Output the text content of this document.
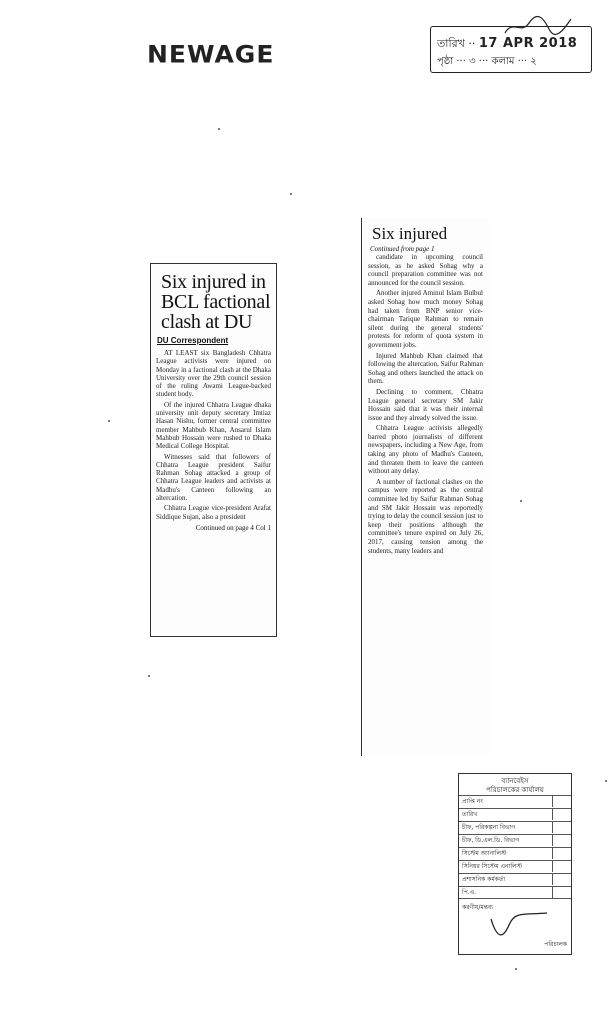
NEWAGE	তারিখ ·· 17 APR 2018
পৃষ্ঠা ··· ৩ ··· কলাম ··· ২
Six injured in BCL factional clash at DU
DU Correspondent

AT LEAST six Bangladesh Chhatra League activists were injured on Monday in a factional clash at the Dhaka University over the 29th council session of the ruling Awami League-backed student body.

Of the injured Chhatra League dhaka university unit deputy secretary Imtiaz Hasan Nishu, former central committee member Mahbub Khan, Ansarul Islam Mahbub Hossain were rushed to Dhaka Medical College Hospital.

Witnesses said that followers of Chhatra League president Saifur Rahman Sohag attacked a group of Chhatra League leaders and activists at Madhu's Canteen following an altercation.

Chhatra League vice-president Arafat Siddique Sujan, also a president

Continued on page 4 Col 1
Six injured
Continued from page 1

candidate in upcoming council session, as he asked Sohag why a council preparation committee was not announced for the council session.

Another injured Aminul Islam Bulbul asked Sohag how much money Sohag had taken from BNP senior vice-chairman Tarique Rahman to remain silent during the general students' protests for reform of quota system in government jobs.

Injured Mahbub Khan claimed that following the altercation, Saifur Rahman Sohag and others launched the attack on them.

Declining to comment, Chhatra League general secretary SM Jakir Hossain said that it was their internal issue and they already solved the issue.

Chhatra League activists allegedly barred photo journalists of different newspapers, including a New Age, from taking any photo of Madhu's Canteen, and threaten them to leave the canteen without any delay.

A number of factional clashes on the campus were reported as the central committee led by Saifur Rahman Sohag and SM Jakir Hossain was reportedly trying to delay the council session just to keep their positions although the committee's tenure expired on July 26, 2017, causing tension among the students, many leaders and

ব্যানবেইস
পরিচালকের কার্যালয়
প্রাপ্তি নং
তারিখ
চীফ, পরিকল্পনা বিভাগ
চীফ, ডি.এল.ডি. বিভাগ
সিস্টেম অ্যানালিস্ট
সিনিয়র সিস্টেম এনালিস্ট
প্রশাসনিক কর্মকর্তা
পি.এ.
করণীয়/মন্তব্য
পরিচালক
